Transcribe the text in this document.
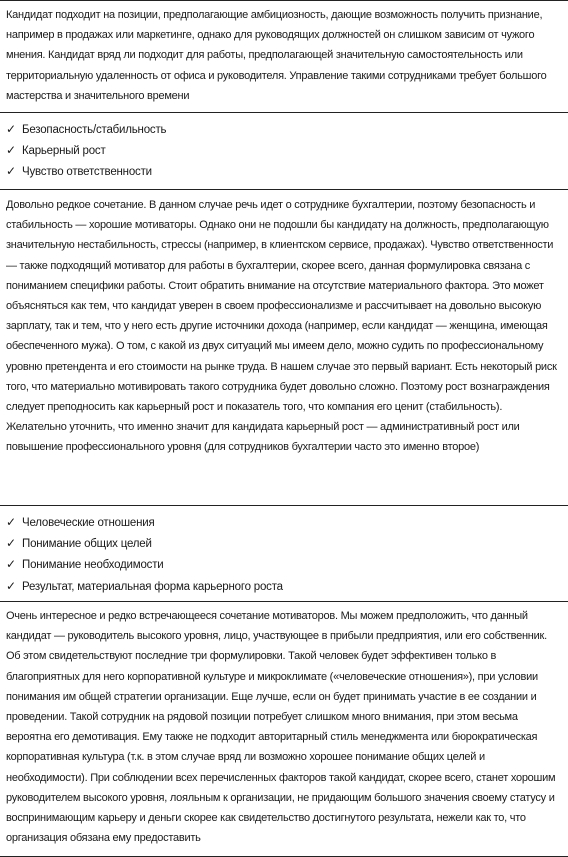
Кандидат подходит на позиции, предполагающие амбициозность, дающие возможность получить признание, например в продажах или маркетинге, однако для руководящих должностей он слишком зависим от чужого мнения. Кандидат вряд ли подходит для работы, предполагающей значительную самостоятельность или территориальную удаленность от офиса и руководителя. Управление такими сотрудниками требует большого мастерства и значительного времени

✓ Безопасность/стабильность
✓ Карьерный рост
✓ Чувство ответственности

Довольно редкое сочетание. В данном случае речь идет о сотруднике бухгалтерии, поэтому безопасность и стабильность — хорошие мотиваторы. Однако они не подошли бы кандидату на должность, предполагающую значительную нестабильность, стрессы (например, в клиентском сервисе, продажах). Чувство ответственности — также подходящий мотиватор для работы в бухгалтерии, скорее всего, данная формулировка связана с пониманием специфики работы. Стоит обратить внимание на отсутствие материального фактора. Это может объясняться как тем, что кандидат уверен в своем профессионализме и рассчитывает на довольно высокую зарплату, так и тем, что у него есть другие источники дохода (например, если кандидат — женщина, имеющая обеспеченного мужа). О том, с какой из двух ситуаций мы имеем дело, можно судить по профессиональному уровню претендента и его стоимости на рынке труда. В нашем случае это первый вариант. Есть некоторый риск того, что материально мотивировать такого сотрудника будет довольно сложно. Поэтому рост вознаграждения следует преподносить как карьерный рост и показатель того, что компания его ценит (стабильность). Желательно уточнить, что именно значит для кандидата карьерный рост — административный рост или повышение профессионального уровня (для сотрудников бухгалтерии часто это именно второе)

✓ Человеческие отношения
✓ Понимание общих целей
✓ Понимание необходимости
✓ Результат, материальная форма карьерного роста

Очень интересное и редко встречающееся сочетание мотиваторов. Мы можем предположить, что данный кандидат — руководитель высокого уровня, лицо, участвующее в прибыли предприятия, или его собственник. Об этом свидетельствуют последние три формулировки. Такой человек будет эффективен только в благоприятных для него корпоративной культуре и микроклимате («человеческие отношения»), при условии понимания им общей стратегии организации. Еще лучше, если он будет принимать участие в ее создании и проведении. Такой сотрудник на рядовой позиции потребует слишком много внимания, при этом весьма вероятна его демотивация. Ему также не подходит авторитарный стиль менеджмента или бюрократическая корпоративная культура (т.к. в этом случае вряд ли возможно хорошее понимание общих целей и необходимости). При соблюдении всех перечисленных факторов такой кандидат, скорее всего, станет хорошим руководителем высокого уровня, лояльным к организации, не придающим большого значения своему статусу и воспринимающим карьеру и деньги скорее как свидетельство достигнутого результата, нежели как то, что организация обязана ему предоставить
